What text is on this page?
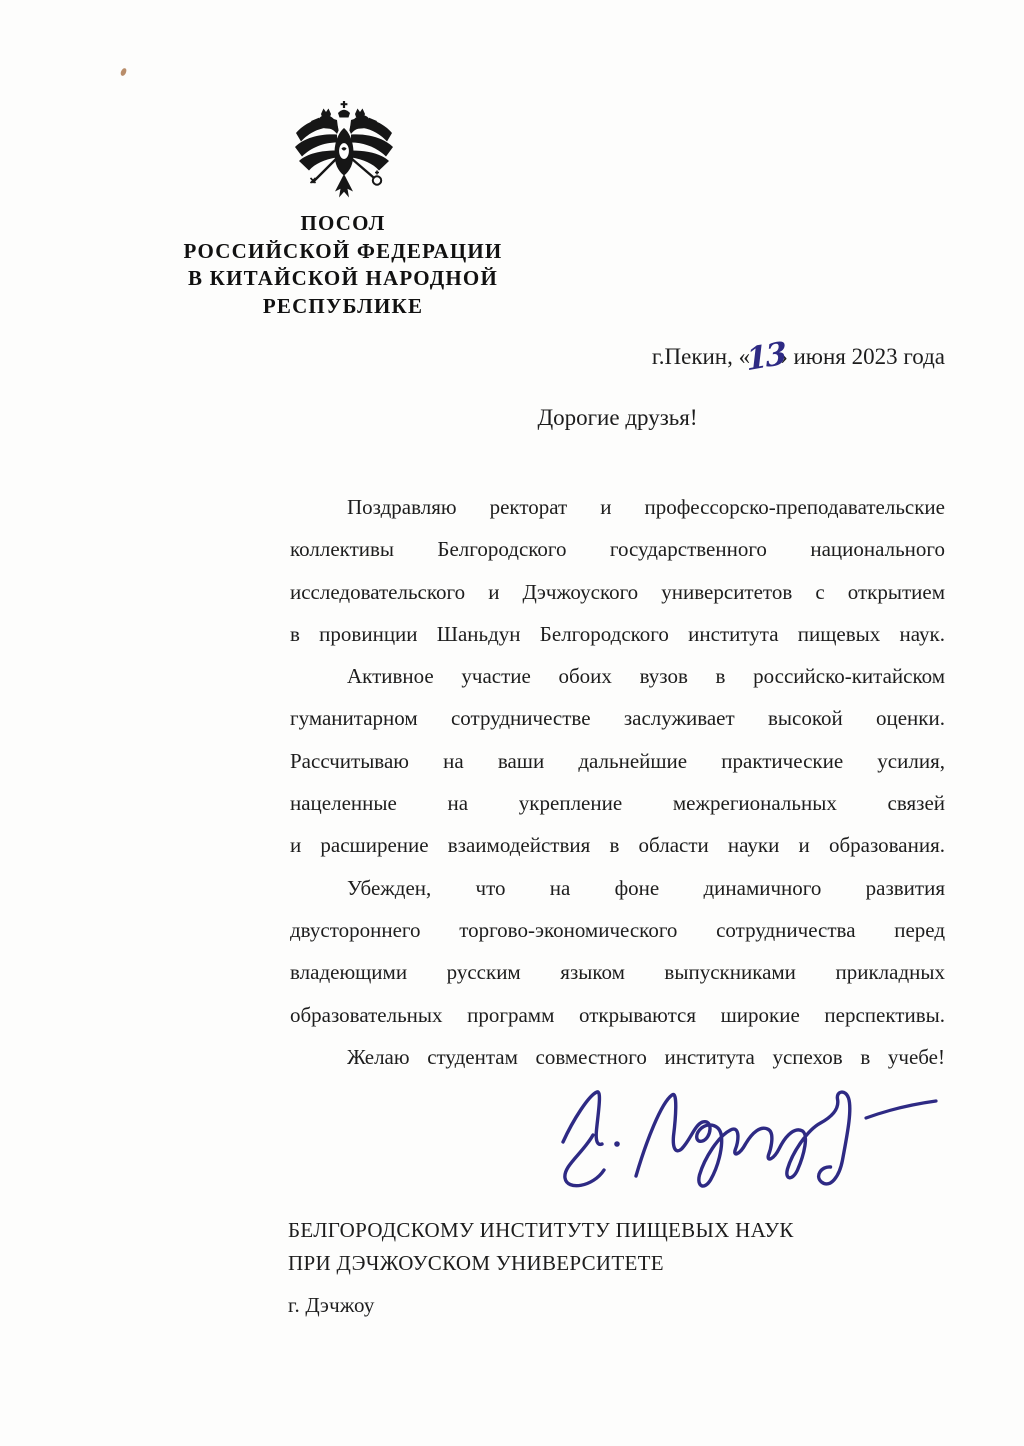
ПОСОЛ
РОССИЙСКОЙ ФЕДЕРАЦИИ
В КИТАЙСКОЙ НАРОДНОЙ
РЕСПУБЛИКЕ
г.Пекин, «13» июня 2023 года
Дорогие друзья!
Поздравляю ректорат и профессорско-преподавательские
коллективы Белгородского государственного национального
исследовательского и Дэчжоуского университетов с открытием
в провинции Шаньдун Белгородского института пищевых наук.
Активное участие обоих вузов в российско-китайском
гуманитарном сотрудничестве заслуживает высокой оценки.
Рассчитываю на ваши дальнейшие практические усилия,
нацеленные на укрепление межрегиональных связей
и расширение взаимодействия в области науки и образования.
Убежден, что на фоне динамичного развития
двустороннего торгово-экономического сотрудничества перед
владеющими русским языком выпускниками прикладных
образовательных программ открываются широкие перспективы.
Желаю студентам совместного института успехов в учебе!
БЕЛГОРОДСКОМУ ИНСТИТУТУ ПИЩЕВЫХ НАУК
ПРИ ДЭЧЖОУСКОМ УНИВЕРСИТЕТЕ
г. Дэчжоу
